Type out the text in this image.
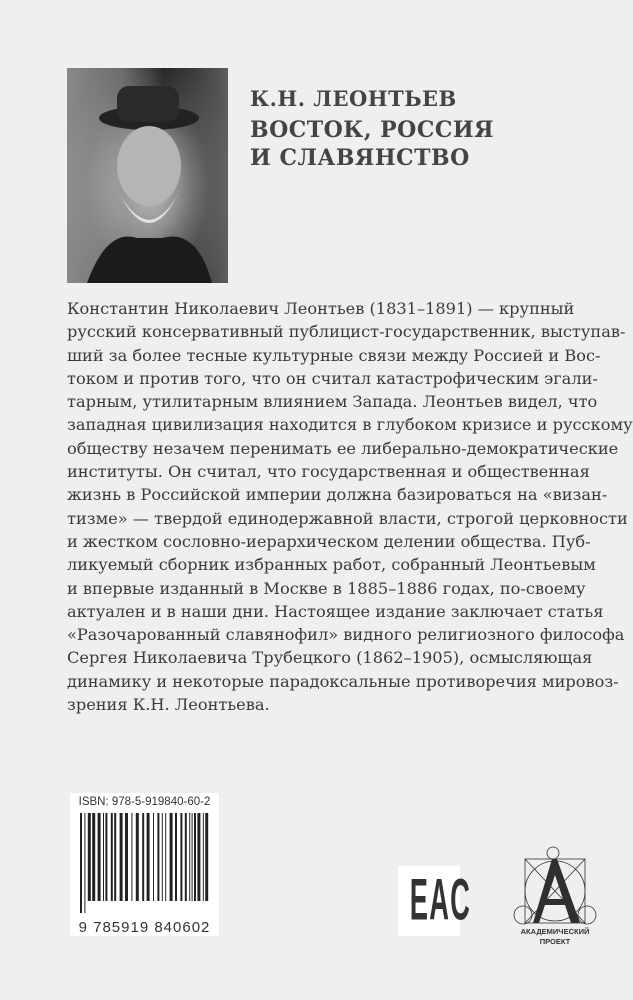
К.Н. ЛЕОНТЬЕВ
ВОСТОК, РОССИЯ
И СЛАВЯНСТВО
Константин Николаевич Леонтьев (1831–1891) — крупный
русский консервативный публицист-государственник, выступав-
ший за более тесные культурные связи между Россией и Вос-
током и против того, что он считал катастрофическим эгали-
тарным, утилитарным влиянием Запада. Леонтьев видел, что
западная цивилизация находится в глубоком кризисе и русскому
обществу незачем перенимать ее либерально-демократические
институты. Он считал, что государственная и общественная
жизнь в Российской империи должна базироваться на «визан-
тизме» — твердой единодержавной власти, строгой церковности
и жестком сословно-иерархическом делении общества. Пуб-
ликуемый сборник избранных работ, собранный Леонтьевым
и впервые изданный в Москве в 1885–1886 годах, по-своему
актуален и в наши дни. Настоящее издание заключает статья
«Разочарованный славянофил» видного религиозного философа
Сергея Николаевича Трубецкого (1862–1905), осмысляющая
динамику и некоторые парадоксальные противоречия мировоз-
зрения К.Н. Леонтьева.
ISBN: 978-5-919840-60-2
9 785919 840602	EAC	АКАДЕМИЧЕСКИЙ
ПРОЕКТ
